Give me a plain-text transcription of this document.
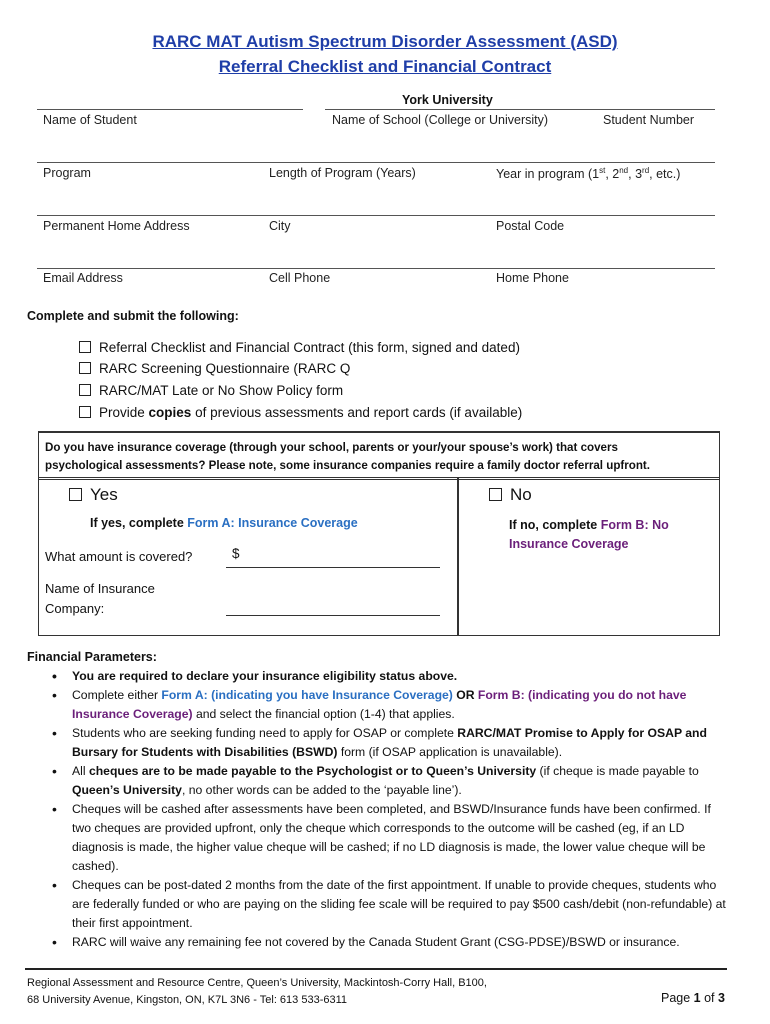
RARC MAT Autism Spectrum Disorder Assessment (ASD)
Referral Checklist and Financial Contract
York University
Name of Student	Name of School (College or University)	Student Number
Program	Length of Program (Years)	Year in program (1st, 2nd, 3rd, etc.)
Permanent Home Address	City	Postal Code
Email Address	Cell Phone	Home Phone
Complete and submit the following:
Referral Checklist and Financial Contract (this form, signed and dated)
RARC Screening Questionnaire (RARC Q
RARC/MAT Late or No Show Policy form
Provide copies of previous assessments and report cards (if available)
Do you have insurance coverage (through your school, parents or your/your spouse’s work) that covers
psychological assessments? Please note, some insurance companies require a family doctor referral upfront.
Yes	No
If yes, complete Form A: Insurance Coverage	If no, complete Form B: No
Insurance Coverage
What amount is covered?	$
Name of Insurance
Company:
Financial Parameters:
• You are required to declare your insurance eligibility status above.
• Complete either Form A: (indicating you have Insurance Coverage) OR Form B: (indicating you do not have Insurance Coverage) and select the financial option (1-4) that applies.
• Students who are seeking funding need to apply for OSAP or complete RARC/MAT Promise to Apply for OSAP and Bursary for Students with Disabilities (BSWD) form (if OSAP application is unavailable).
• All cheques are to be made payable to the Psychologist or to Queen’s University (if cheque is made payable to Queen’s University, no other words can be added to the ‘payable line’).
• Cheques will be cashed after assessments have been completed, and BSWD/Insurance funds have been confirmed. If two cheques are provided upfront, only the cheque which corresponds to the outcome will be cashed (eg, if an LD diagnosis is made, the higher value cheque will be cashed; if no LD diagnosis is made, the lower value cheque will be cashed).
• Cheques can be post-dated 2 months from the date of the first appointment. If unable to provide cheques, students who are federally funded or who are paying on the sliding fee scale will be required to pay $500 cash/debit (non-refundable) at their first appointment.
• RARC will waive any remaining fee not covered by the Canada Student Grant (CSG-PDSE)/BSWD or insurance.
Regional Assessment and Resource Centre, Queen’s University, Mackintosh-Corry Hall, B100,
68 University Avenue, Kingston, ON, K7L 3N6 - Tel: 613 533-6311	Page 1 of 3
